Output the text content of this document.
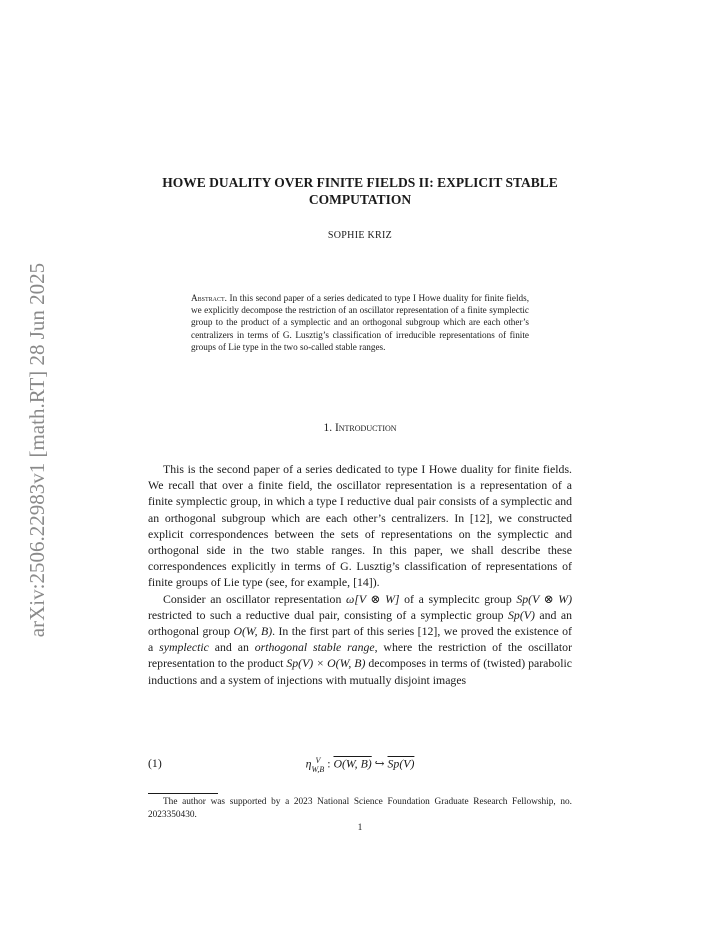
arXiv:2506.22983v1 [math.RT] 28 Jun 2025
HOWE DUALITY OVER FINITE FIELDS II: EXPLICIT STABLE COMPUTATION
SOPHIE KRIZ
Abstract. In this second paper of a series dedicated to type I Howe duality for finite fields, we explicitly decompose the restriction of an oscillator representation of a finite symplectic group to the product of a symplectic and an orthogonal subgroup which are each other’s centralizers in terms of G. Lusztig’s classification of irreducible representations of finite groups of Lie type in the two so-called stable ranges.
1. Introduction

This is the second paper of a series dedicated to type I Howe duality for finite fields. We recall that over a finite field, the oscillator representation is a representation of a finite symplectic group, in which a type I reductive dual pair consists of a symplectic and an orthogonal subgroup which are each other’s centralizers. In [12], we constructed explicit correspondences between the sets of representations on the symplectic and orthogonal side in the two stable ranges. In this paper, we shall describe these correspondences explicitly in terms of G. Lusztig’s classification of representations of finite groups of Lie type (see, for example, [14]).

Consider an oscillator representation ω[V ⊗ W] of a symplecitc group Sp(V ⊗ W) restricted to such a reductive dual pair, consisting of a symplectic group Sp(V) and an orthogonal group O(W, B). In the first part of this series [12], we proved the existence of a symplectic and an orthogonal stable range, where the restriction of the oscillator representation to the product Sp(V) × O(W, B) decomposes in terms of (twisted) parabolic inductions and a system of injections with mutually disjoint images

(1)	η V
W,B : O(W, B) ↪ Sp(V)
The author was supported by a 2023 National Science Foundation Graduate Research Fellowship, no. 2023350430.
1
